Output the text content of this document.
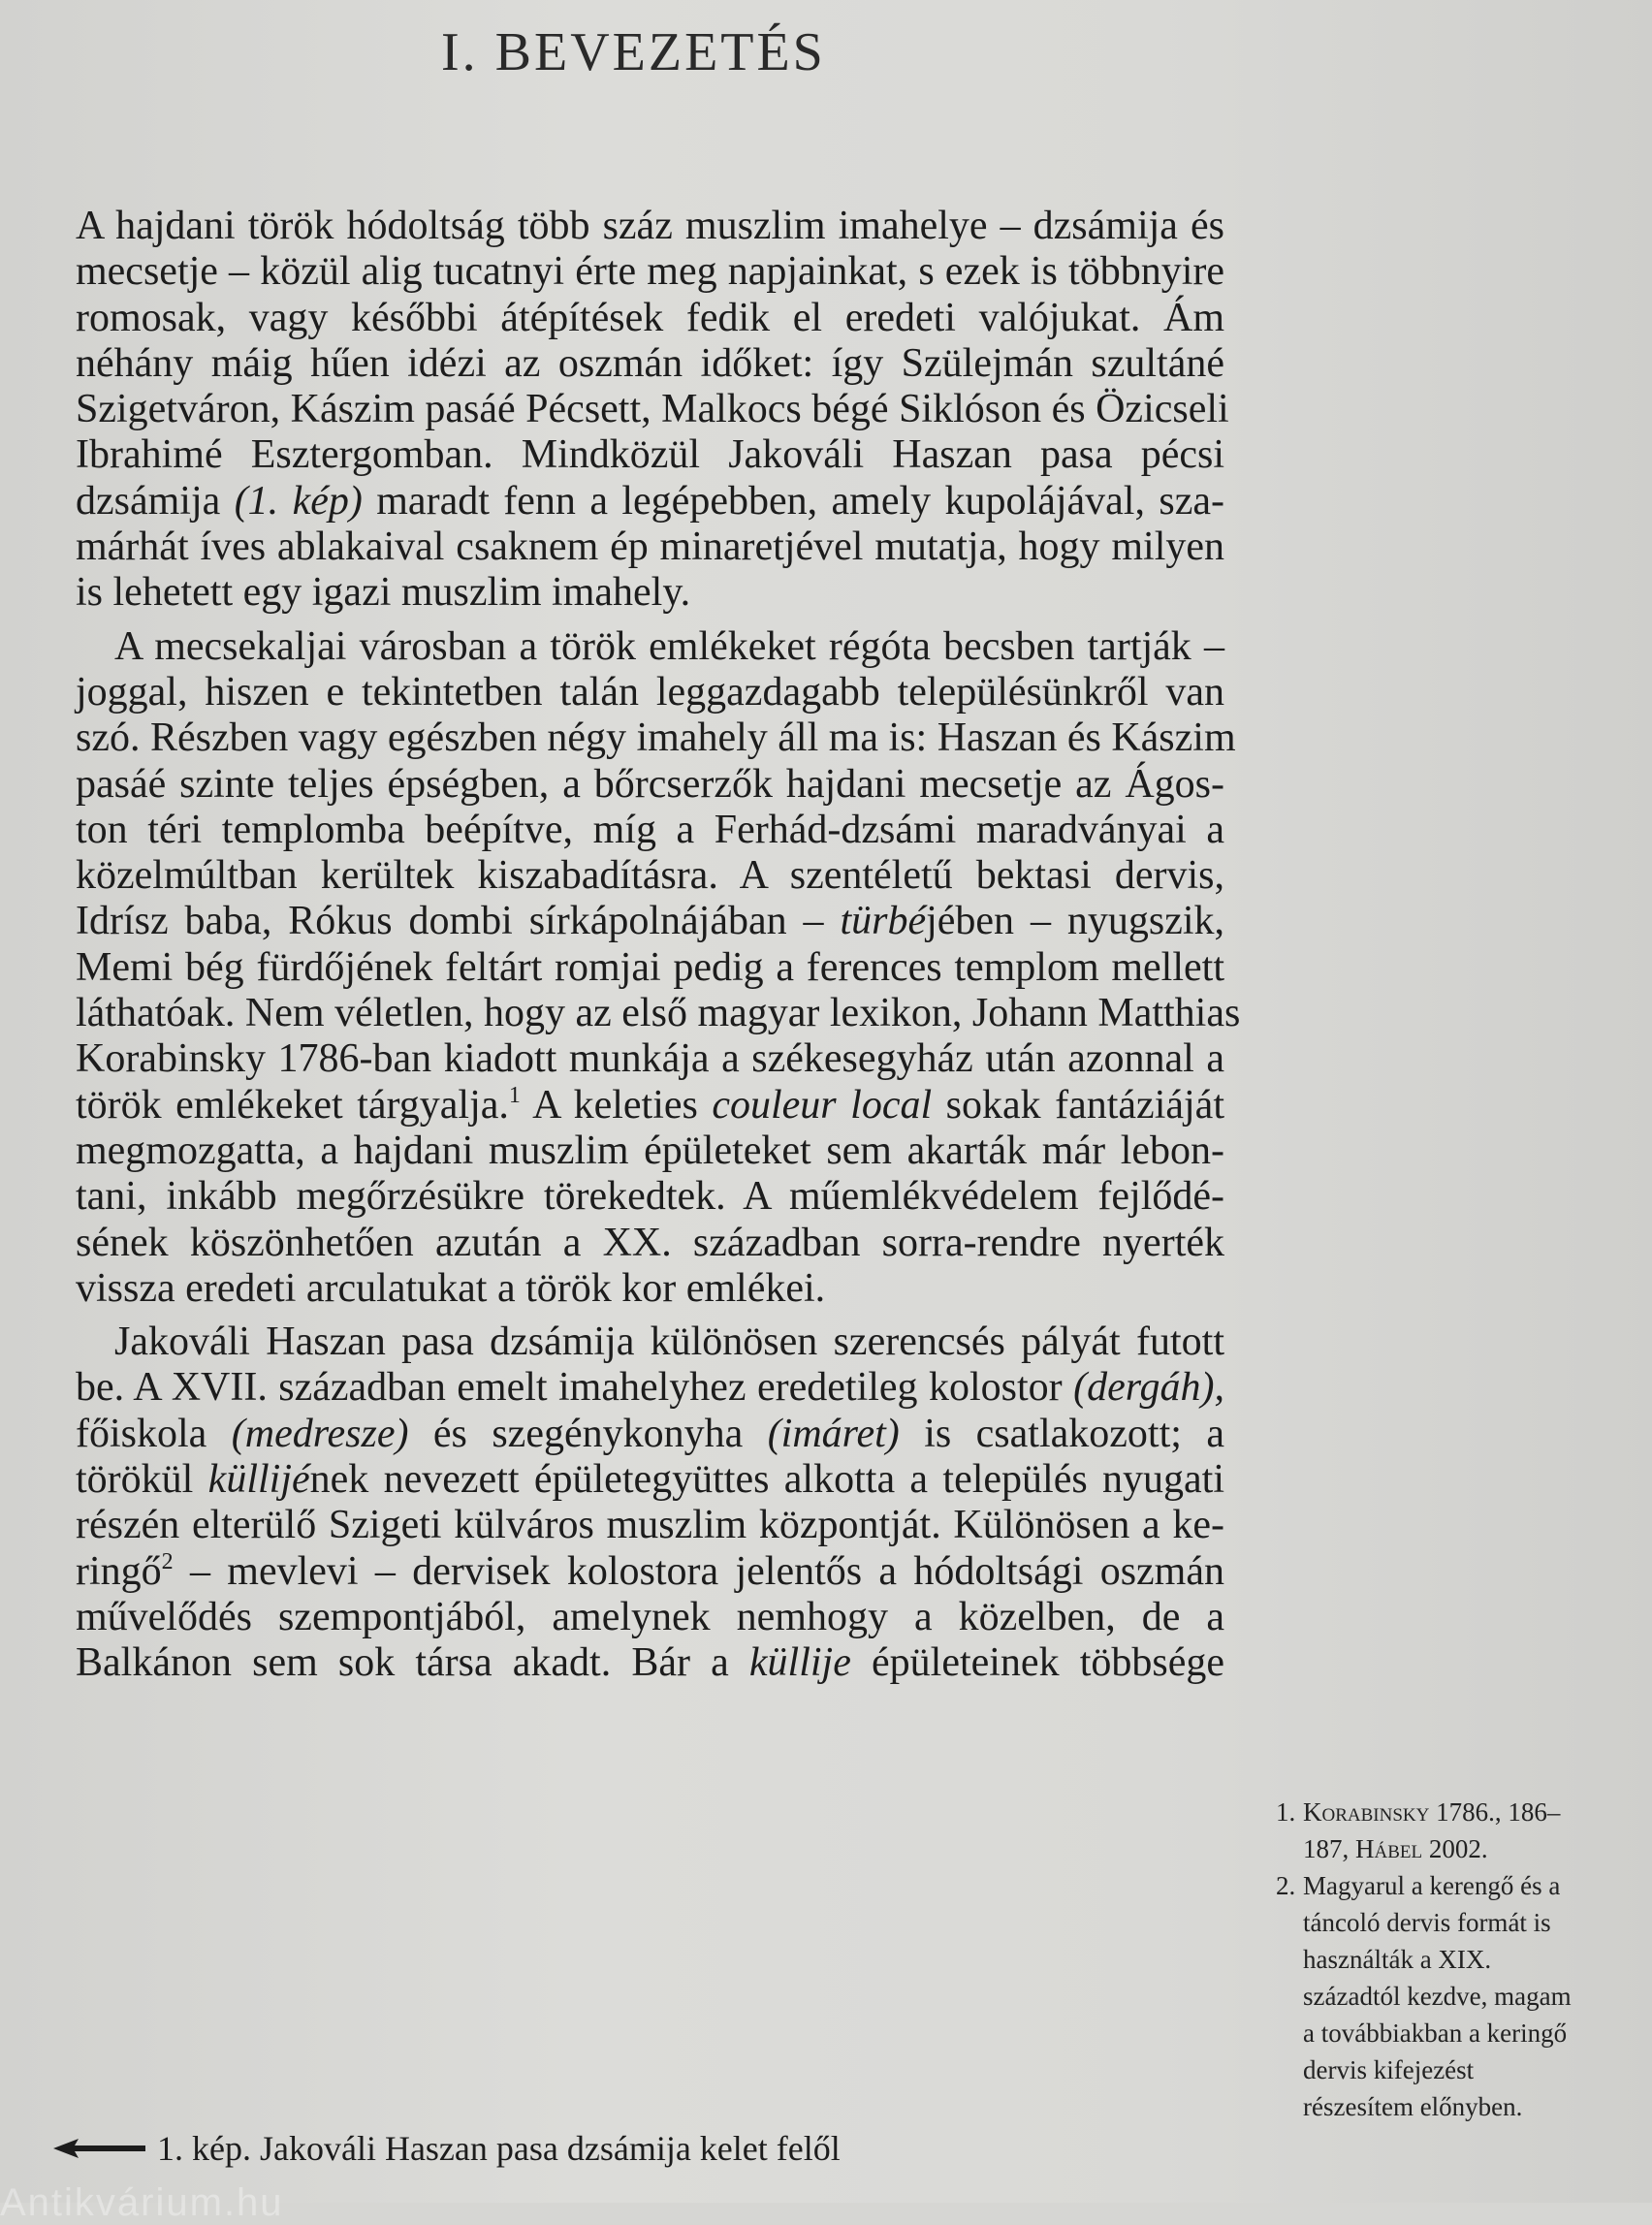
I. BEVEZETÉS
A hajdani török hódoltság több száz muszlim imahelye – dzsámija és
mecsetje – közül alig tucatnyi érte meg napjainkat, s ezek is többnyire
romosak, vagy későbbi átépítések fedik el eredeti valójukat. Ám
néhány máig hűen idézi az oszmán időket: így Szülejmán szultáné
Szigetváron, Kászim pasáé Pécsett, Malkocs bégé Siklóson és Özicseli
Ibrahimé Esztergomban. Mindközül Jakováli Haszan pasa pécsi
dzsámija (1. kép) maradt fenn a legépebben, amely kupolájával, sza-
márhát íves ablakaival csaknem ép minaretjével mutatja, hogy milyen
is lehetett egy igazi muszlim imahely.
A mecsekaljai városban a török emlékeket régóta becsben tartják –
joggal, hiszen e tekintetben talán leggazdagabb településünkről van
szó. Részben vagy egészben négy imahely áll ma is: Haszan és Kászim
pasáé szinte teljes épségben, a bőrcserzők hajdani mecsetje az Ágos-
ton téri templomba beépítve, míg a Ferhád-dzsámi maradványai a
közelmúltban kerültek kiszabadításra. A szentéletű bektasi dervis,
Idrísz baba, Rókus dombi sírkápolnájában – türbéjében – nyugszik,
Memi bég fürdőjének feltárt romjai pedig a ferences templom mellett
láthatóak. Nem véletlen, hogy az első magyar lexikon, Johann Matthias
Korabinsky 1786-ban kiadott munkája a székesegyház után azonnal a
török emlékeket tárgyalja.$^1$ A keleties couleur local sokak fantáziáját
megmozgatta, a hajdani muszlim épületeket sem akarták már lebon-
tani, inkább megőrzésükre törekedtek. A műemlékvédelem fejlődé-
sének köszönhetően azután a XX. században sorra-rendre nyerték
vissza eredeti arculatukat a török kor emlékei.
Jakováli Haszan pasa dzsámija különösen szerencsés pályát futott
be. A XVII. században emelt imahelyhez eredetileg kolostor (dergáh),
főiskola (medresze) és szegénykonyha (imáret) is csatlakozott; a
törökül küllijének nevezett épületegyüttes alkotta a település nyugati
részén elterülő Szigeti külváros muszlim központját. Különösen a ke-
ringő$^2$ – mevlevi – dervisek kolostora jelentős a hódoltsági oszmán
művelődés szempontjából, amelynek nemhogy a közelben, de a
Balkánon sem sok társa akadt. Bár a küllije épületeinek többsége
1. kép. Jakováli Haszan pasa dzsámija kelet felől
1. Korabinsky 1786., 186–187, Hábel 2002.
2. Magyarul a kerengő és a táncoló dervis formát is használták a XIX. századtól kezdve, magam a továbbiakban a keringő dervis kifejezést részesítem előnyben.
Antikvárium.hu
